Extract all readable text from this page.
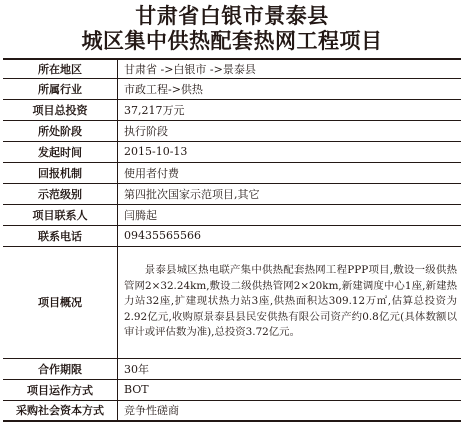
甘肃省白银市景泰县
城区集中供热配套热网工程项目
所在地区	甘肃省 ->白银市 ->景泰县
所属行业	市政工程->供热
项目总投资	37,217万元
所处阶段	执行阶段
发起时间	2015-10-13
回报机制	使用者付费
示范级别	第四批次国家示范项目,其它
项目联系人	闫腾起
联系电话	09435565566
项目概况	景泰县城区热电联产集中供热配套热网工程PPP项目,敷设一级供热管网2×32.24km,敷设二级供热管网2×20km,新建调度中心1座,新建热力站32座,扩建现状热力站3座,供热面积达309.12万㎡,估算总投资为2.92亿元,收购原景泰县县民安供热有限公司资产约0.8亿元(具体数额以审计或评估数为准),总投资3.72亿元。
合作期限	30年
项目运作方式	BOT
采购社会资本方式	竞争性磋商
